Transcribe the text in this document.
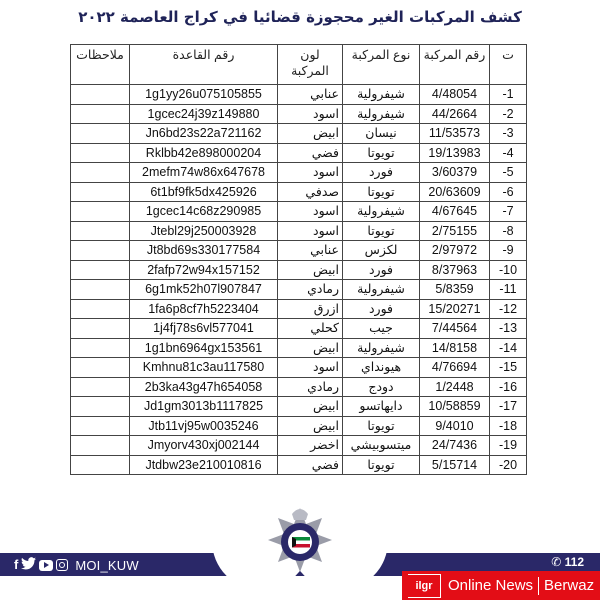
كشف المركبات الغير محجوزة قضائيا في كراج العاصمة ٢٠٢٢
ت	رقم المركبة	نوع المركبة	لون المركبة	رقم القاعدة	ملاحظات
-1	4/48054	شيفرولية	عنابي	1g1yy26u075105855	
-2	44/2664	شيفرولية	اسود	1gcec24j39z149880	
-3	11/53573	نيسان	ابيض	Jn6bd23s22a721162	
-4	19/13983	تويوتا	فضي	Rklbb42e898000204	
-5	3/60379	فورد	اسود	2mefm74w86x647678	
-6	20/63609	تويوتا	صدفي	6t1bf9fk5dx425926	
-7	4/67645	شيفرولية	اسود	1gcec14c68z290985	
-8	2/75155	تويوتا	اسود	Jtebl29j250003928	
-9	2/97972	لكزس	عنابي	Jt8bd69s330177584	
-10	8/37963	فورد	ابيض	2fafp72w94x157152	
-11	5/8359	شيفرولية	رمادي	6g1mk52h07l907847	
-12	15/20271	فورد	ازرق	1fa6p8cf7h5223404	
-13	7/44564	جيب	كحلي	1j4fj78s6vl577041	
-14	14/8158	شيفرولية	ابيض	1g1bn6964gx153561	
-15	4/76694	هيونداي	اسود	Kmhnu81c3au117580	
-16	1/2448	دودج	رمادي	2b3ka43g47h654058	
-17	10/58859	دايهاتسو	ابيض	Jd1gm3013b1117825	
-18	9/4010	تويوتا	ابيض	Jtb11vj95w0035246	
-19	24/7436	ميتسوبيشي	اخضر	Jmyorv430xj002144	
-20	5/15714	تويوتا	فضي	Jtdbw23e210010816	
f	MOI_KUW	✆ 112
ilgr	Online News Berwaz
